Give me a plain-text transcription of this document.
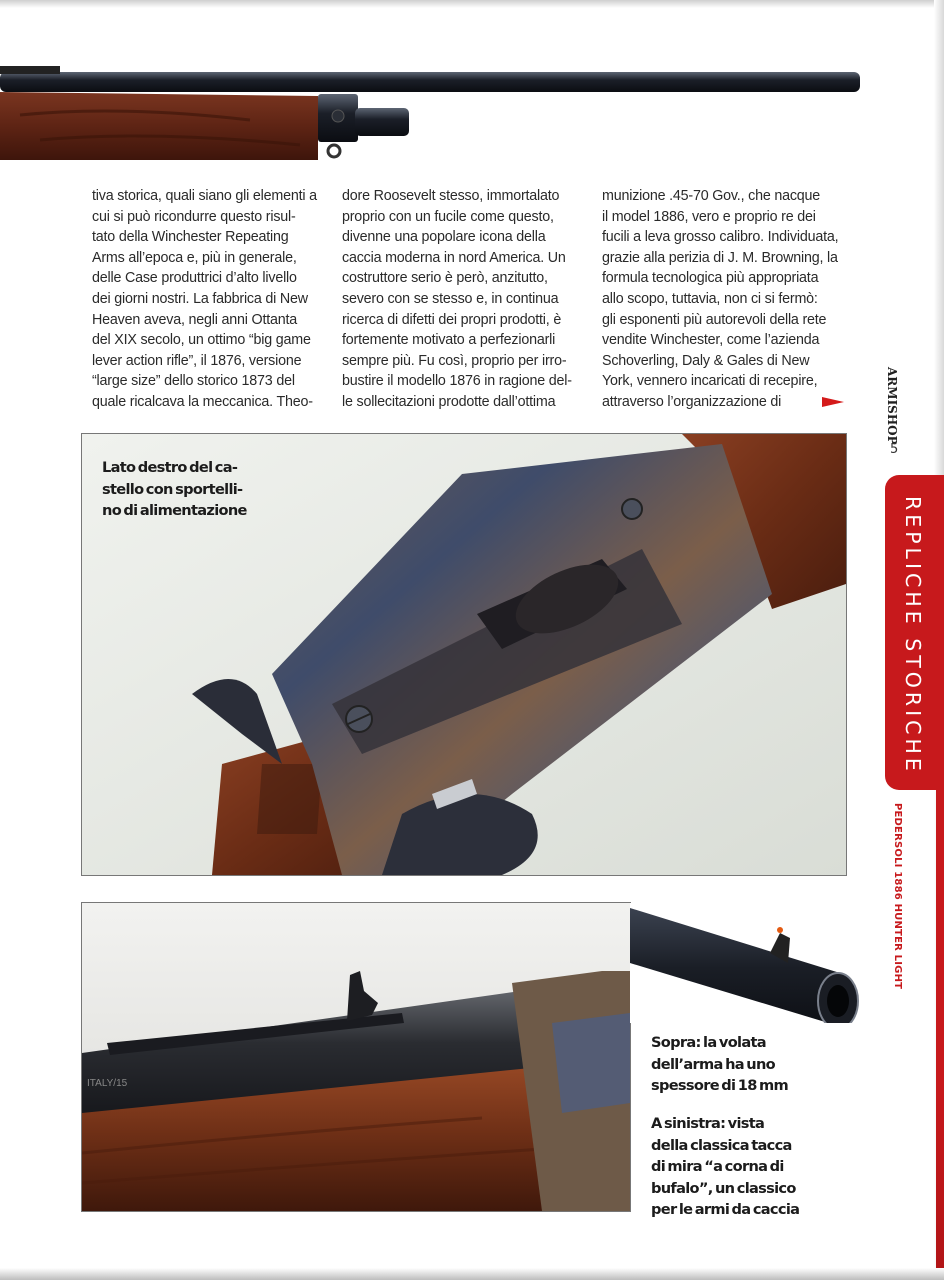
tiva storica, quali siano gli elementi a
cui si può ricondurre questo risul-
tato della Winchester Repeating
Arms all’epoca e, più in generale,
delle Case produttrici d’alto livello
dei giorni nostri. La fabbrica di New
Heaven aveva, negli anni Ottanta
del XIX secolo, un ottimo “big game
lever action rifle”, il 1876, versione
“large size” dello storico 1873 del
quale ricalcava la meccanica. Theo-
dore Roosevelt stesso, immortalato
proprio con un fucile come questo,
divenne una popolare icona della
caccia moderna in nord America. Un
costruttore serio è però, anzitutto,
severo con se stesso e, in continua
ricerca di difetti dei propri prodotti, è
fortemente motivato a perfezionarli
sempre più. Fu così, proprio per irro-
bustire il modello 1876 in ragione del-
le sollecitazioni prodotte dall’ottima
munizione .45-70 Gov., che nacque
il model 1886, vero e proprio re dei
fucili a leva grosso calibro. Individuata,
grazie alla perizia di J. M. Browning, la
formula tecnologica più appropriata
allo scopo, tuttavia, non ci si fermò:
gli esponenti più autorevoli della rete
vendite Winchester, come l’azienda
Schoverling, Daly & Gales di New
York, vennero incaricati di recepire,
attraverso l’organizzazione di
Lato destro del ca-
stello con sportelli-
no di alimentazione
ITALY/15
Sopra: la volata
dell’arma ha uno
spessore di 18 mm
A sinistra: vista
della classica tacca
di mira “a corna di
bufalo”, un classico
per le armi da caccia
ARMISHOP
5
REPLICHE STORICHE
PEDERSOLI 1886 HUNTER LIGHT
